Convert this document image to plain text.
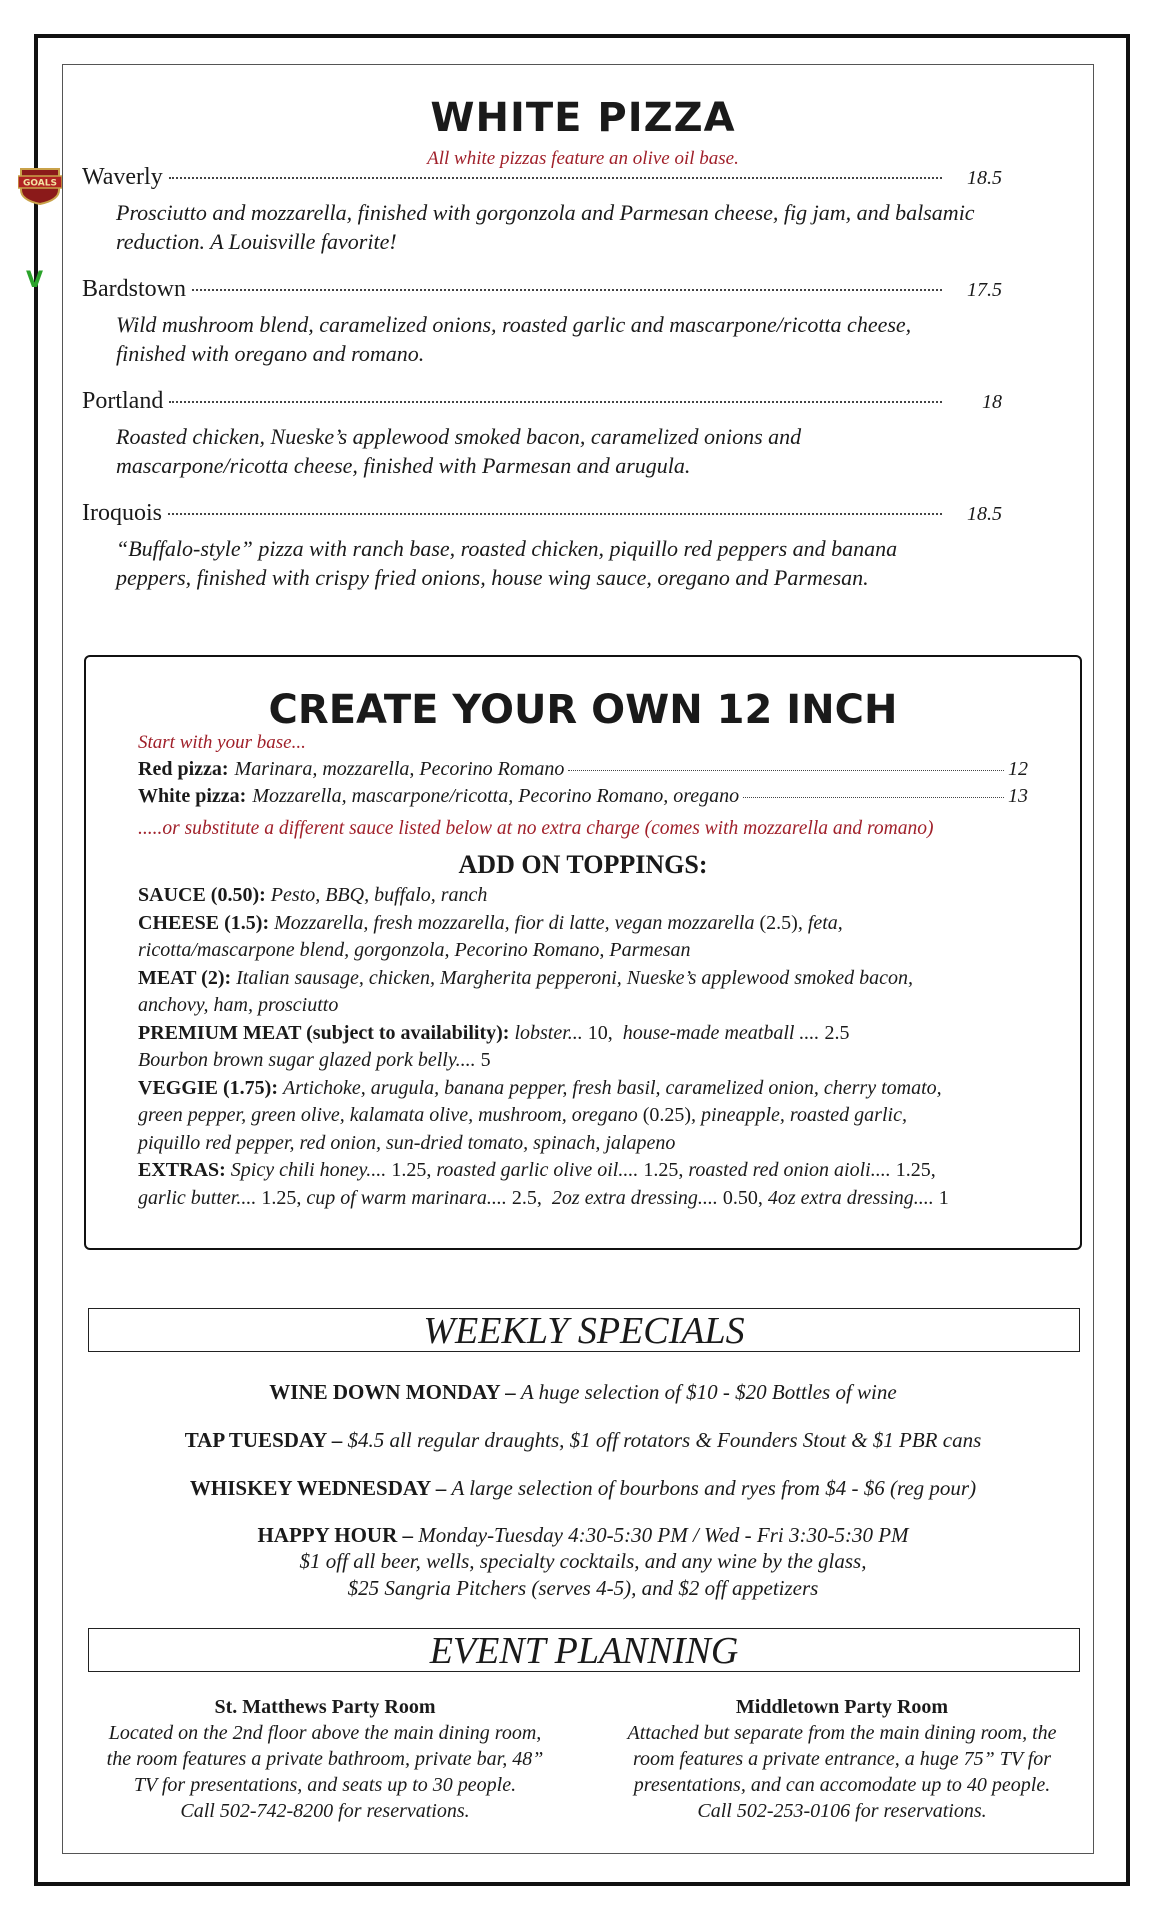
WHITE PIZZA
All white pizzas feature an olive oil base.
GOALS
V
Waverly	18.5
Prosciutto and mozzarella, finished with gorgonzola and Parmesan cheese, fig jam, and balsamic reduction. A Louisville favorite!
Bardstown	17.5
Wild mushroom blend, caramelized onions, roasted garlic and mascarpone/ricotta cheese, finished with oregano and romano.
Portland	18
Roasted chicken, Nueske’s applewood smoked bacon, caramelized onions and mascarpone/ricotta cheese, finished with Parmesan and arugula.
Iroquois	18.5
“Buffalo-style” pizza with ranch base, roasted chicken, piquillo red peppers and banana peppers, finished with crispy fried onions, house wing sauce, oregano and Parmesan.
CREATE YOUR OWN 12 INCH
Start with your base...
Red pizza: Marinara, mozzarella, Pecorino Romano	12
White pizza: Mozzarella, mascarpone/ricotta, Pecorino Romano, oregano	13
.....or substitute a different sauce listed below at no extra charge (comes with mozzarella and romano)
ADD ON TOPPINGS:
SAUCE (0.50): Pesto, BBQ, buffalo, ranch
CHEESE (1.5): Mozzarella, fresh mozzarella, fior di latte, vegan mozzarella (2.5), feta,
ricotta/mascarpone blend, gorgonzola, Pecorino Romano, Parmesan
MEAT (2): Italian sausage, chicken, Margherita pepperoni, Nueske’s applewood smoked bacon,
anchovy, ham, prosciutto
PREMIUM MEAT (subject to availability): lobster... 10, house-made meatball .... 2.5
Bourbon brown sugar glazed pork belly.... 5
VEGGIE (1.75): Artichoke, arugula, banana pepper, fresh basil, caramelized onion, cherry tomato,
green pepper, green olive, kalamata olive, mushroom, oregano (0.25), pineapple, roasted garlic,
piquillo red pepper, red onion, sun-dried tomato, spinach, jalapeno
EXTRAS: Spicy chili honey.... 1.25, roasted garlic olive oil.... 1.25, roasted red onion aioli.... 1.25,
garlic butter.... 1.25, cup of warm marinara.... 2.5, 2oz extra dressing.... 0.50, 4oz extra dressing.... 1
WEEKLY SPECIALS
WINE DOWN MONDAY – A huge selection of $10 - $20 Bottles of wine
TAP TUESDAY – $4.5 all regular draughts, $1 off rotators & Founders Stout & $1 PBR cans
WHISKEY WEDNESDAY – A large selection of bourbons and ryes from $4 - $6 (reg pour)
HAPPY HOUR – Monday-Tuesday 4:30-5:30 PM / Wed - Fri 3:30-5:30 PM
$1 off all beer, wells, specialty cocktails, and any wine by the glass,
$25 Sangria Pitchers (serves 4-5), and $2 off appetizers
EVENT PLANNING
St. Matthews Party Room
Located on the 2nd floor above the main dining room,
the room features a private bathroom, private bar, 48”
TV for presentations, and seats up to 30 people.
Call 502-742-8200 for reservations.
Middletown Party Room
Attached but separate from the main dining room, the
room features a private entrance, a huge 75” TV for
presentations, and can accomodate up to 40 people.
Call 502-253-0106 for reservations.
